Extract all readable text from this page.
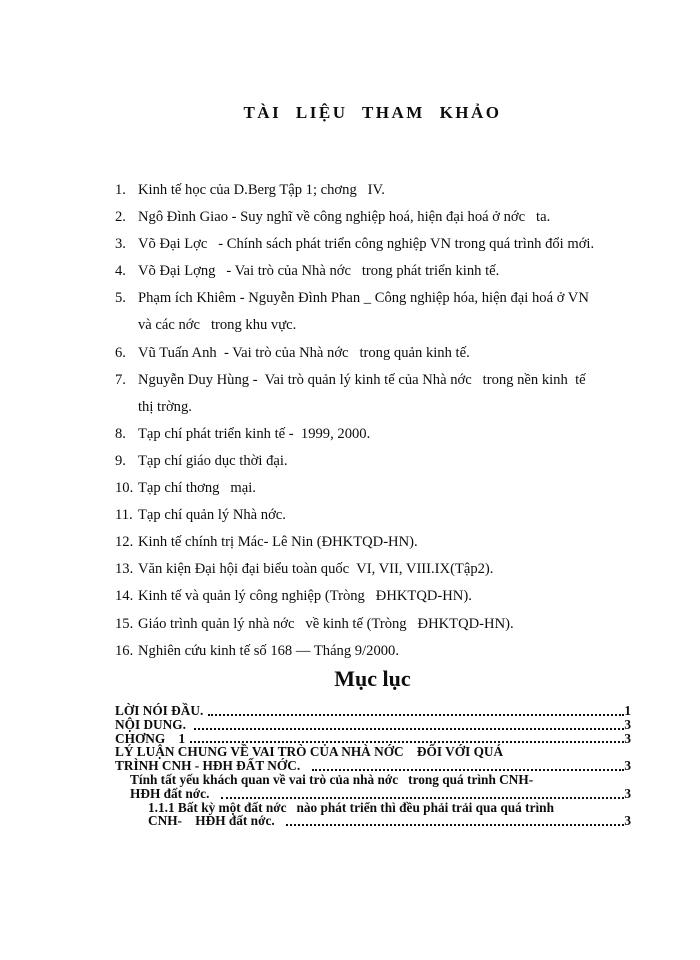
TÀI LIỆU THAM KHẢO
1. Kinh tế học của D.Berg Tập 1; chơng   IV.
2. Ngô Đình Giao - Suy nghĩ về công nghiệp hoá, hiện đại hoá ở nớc   ta.
3. Võ Đại Lợc   - Chính sách phát triển công nghiệp VN trong quá trình đổi mới.
4. Võ Đại Lợng   - Vai trò của Nhà nớc   trong phát triển kinh tế.
5. Phạm ích Khiêm - Nguyễn Đình Phan _ Công nghiệp hóa, hiện đại hoá ở VN
và các nớc   trong khu vực.
6. Vũ Tuấn Anh  - Vai trò của Nhà nớc   trong quản kinh tế.
7. Nguyễn Duy Hùng -  Vai trò quản lý kinh tế của Nhà nớc   trong nền kinh  tế
thị trờng.
8. Tạp chí phát triển kinh tế -  1999, 2000.
9. Tạp chí giáo dục thời đại.
10. Tạp chí thơng   mại.
11. Tạp chí quản lý Nhà nớc.
12. Kinh tế chính trị Mác- Lê Nin (ĐHKTQD-HN).
13. Văn kiện Đại hội đại biểu toàn quốc  VI, VII, VIII.IX(Tập2).
14. Kinh tế và quản lý công nghiệp (Tròng   ĐHKTQD-HN).
15. Giáo trình quản lý nhà nớc   về kinh tế (Tròng   ĐHKTQD-HN).
16. Nghiên cứu kinh tế số 168 — Tháng 9/2000.
Mục lục
LỜI NÓI ĐẦU.	1
NỘI DUNG.	3
CHƠNG    1	3
LÝ LUẬN CHUNG VỀ VAI TRÒ CỦA NHÀ NỚC    ĐỐI VỚI QUÁ
TRÌNH CNH - HĐH ĐẤT NỚC.	3
Tính tất yếu khách quan về vai trò của nhà nớc   trong quá trình CNH-
HĐH đất nớc.	3
1.1.1 Bất kỳ một đất nớc   nào phát triển thì đều phải trải qua quá trình
CNH-    HĐH đất nớc.	3
